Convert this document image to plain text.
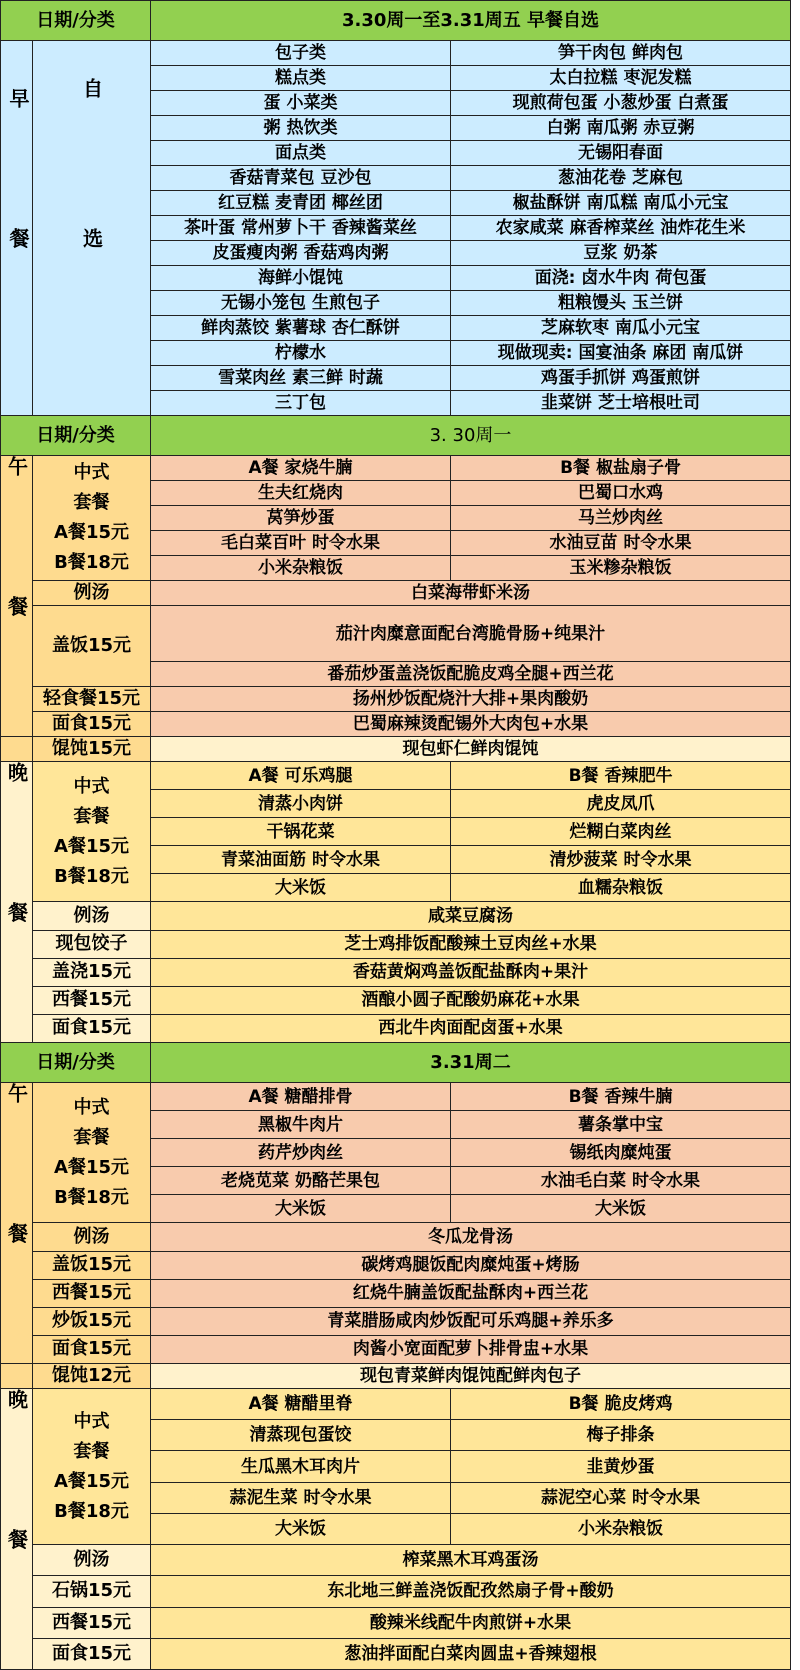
日期/分类		3.30周一至3.31周五 早餐自选	

早餐	自选	包子类	笋干肉包 鲜肉包
		糕点类	太白拉糕 枣泥发糕
		蛋 小菜类	现煎荷包蛋 小葱炒蛋 白煮蛋
		粥 热饮类	白粥 南瓜粥 赤豆粥
		面点类	无锡阳春面
		香菇青菜包 豆沙包	葱油花卷 芝麻包
		红豆糕 麦青团 椰丝团	椒盐酥饼 南瓜糕 南瓜小元宝
		茶叶蛋 常州萝卜干 香辣酱菜丝	农家咸菜 麻香榨菜丝 油炸花生米
		皮蛋瘦肉粥 香菇鸡肉粥	豆浆 奶茶
		海鲜小馄饨	面浇: 卤水牛肉 荷包蛋
		无锡小笼包 生煎包子	粗粮馒头 玉兰饼
		鲜肉蒸饺 紫薯球 杏仁酥饼	芝麻软枣 南瓜小元宝
		柠檬水	现做现卖: 国宴油条 麻团 南瓜饼
		雪菜肉丝 素三鲜 时蔬	鸡蛋手抓饼 鸡蛋煎饼
		三丁包	韭菜饼 芝士培根吐司
日期/分类		3. 30周一	

午餐	中式
套餐
A餐15元
B餐18元	A餐 家烧牛腩	B餐 椒盐扇子骨
		生夫红烧肉	巴蜀口水鸡
		莴笋炒蛋	马兰炒肉丝
		毛白菜百叶 时令水果	水油豆苗 时令水果
		小米杂粮饭	玉米糁杂粮饭
	例汤	白菜海带虾米汤	
	盖饭15元	茄汁肉糜意面配台湾脆骨肠+纯果汁	
		番茄炒蛋盖浇饭配脆皮鸡全腿+西兰花	
	轻食餐15元	扬州炒饭配烧汁大排+果肉酸奶	
	面食15元	巴蜀麻辣烫配锡外大肉包+水果	
	馄饨15元	现包虾仁鲜肉馄饨	

晚餐	中式
套餐
A餐15元
B餐18元	A餐 可乐鸡腿	B餐 香辣肥牛
		清蒸小肉饼	虎皮凤爪
		干锅花菜	烂糊白菜肉丝
		青菜油面筋 时令水果	清炒菠菜 时令水果
		大米饭	血糯杂粮饭
	例汤	咸菜豆腐汤	
	现包饺子	芝士鸡排饭配酸辣土豆肉丝+水果	
	盖浇15元	香菇黄焖鸡盖饭配盐酥肉+果汁	
	西餐15元	酒酿小圆子配酸奶麻花+水果	
	面食15元	西北牛肉面配卤蛋+水果	
日期/分类		3.31周二	

午餐	中式
套餐
A餐15元
B餐18元	A餐 糖醋排骨	B餐 香辣牛腩
		黑椒牛肉片	薯条掌中宝
		药芹炒肉丝	锡纸肉糜炖蛋
		老烧苋菜 奶酪芒果包	水油毛白菜 时令水果
		大米饭	大米饭
	例汤	冬瓜龙骨汤	
	盖饭15元	碳烤鸡腿饭配肉糜炖蛋+烤肠	
	西餐15元	红烧牛腩盖饭配盐酥肉+西兰花	
	炒饭15元	青菜腊肠咸肉炒饭配可乐鸡腿+养乐多	
	面食15元	肉酱小宽面配萝卜排骨盅+水果	
	馄饨12元	现包青菜鲜肉馄饨配鲜肉包子	

晚餐	中式
套餐
A餐15元
B餐18元	A餐 糖醋里脊	B餐 脆皮烤鸡
		清蒸现包蛋饺	梅子排条
		生瓜黑木耳肉片	韭黄炒蛋
		蒜泥生菜 时令水果	蒜泥空心菜 时令水果
		大米饭	小米杂粮饭
	例汤	榨菜黑木耳鸡蛋汤	
	石锅15元	东北地三鲜盖浇饭配孜然扇子骨+酸奶	
	西餐15元	酸辣米线配牛肉煎饼+水果	
	面食15元	葱油拌面配白菜肉圆盅+香辣翅根	
